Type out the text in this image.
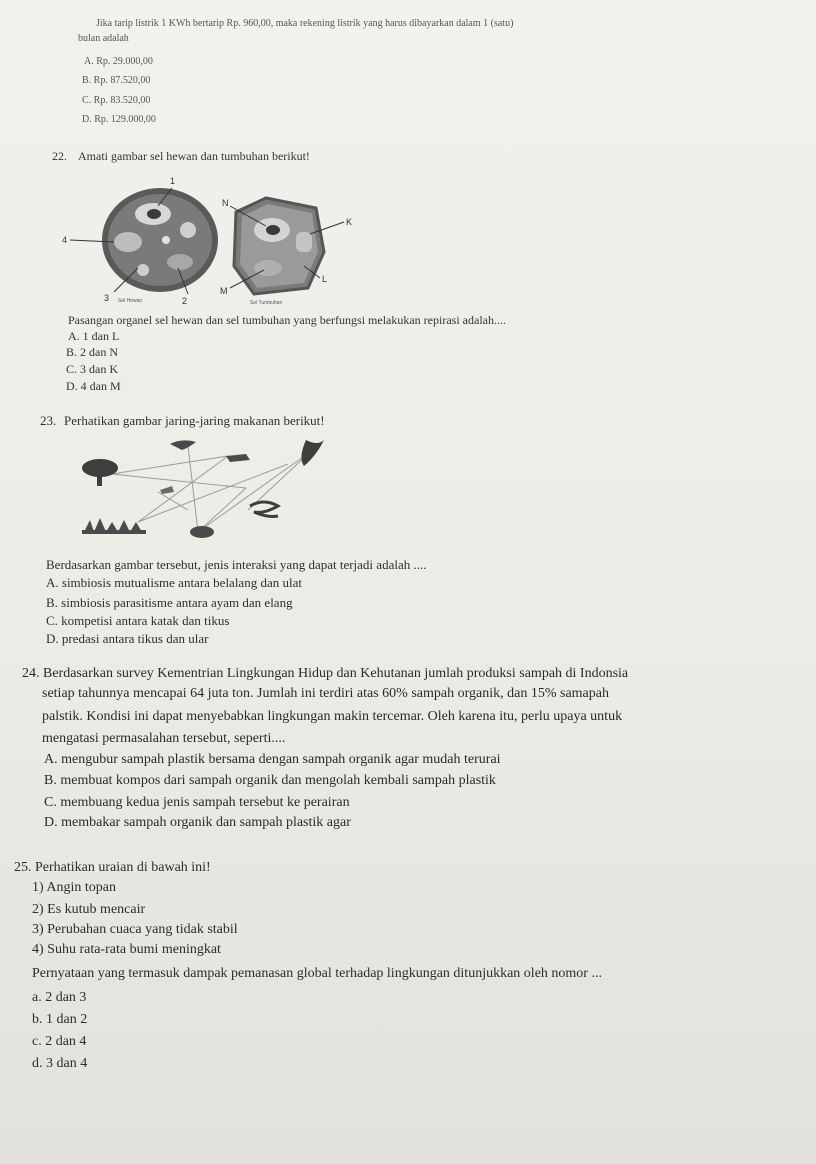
Jika tarip listrik 1 KWh bertarip Rp. 960,00, maka rekening listrik yang harus dibayarkan dalam 1 (satu)
bulan adalah
A. Rp. 29.000,00
B. Rp. 87.520,00
C. Rp. 83.520,00
D. Rp. 129.000,00
22. Amati gambar sel hewan dan tumbuhan berikut!
1
4
3	2
Sel Hewan
N
K
L
M
Sel Tumbuhan
Pasangan organel sel hewan dan sel tumbuhan yang berfungsi melakukan repirasi adalah....
A. 1 dan L
B. 2 dan N
C. 3 dan K
D. 4 dan M
23. Perhatikan gambar jaring-jaring makanan berikut!
Berdasarkan gambar tersebut, jenis interaksi yang dapat terjadi adalah ....
A. simbiosis mutualisme antara belalang dan ulat
B. simbiosis parasitisme antara ayam dan elang
C. kompetisi antara katak dan tikus
D. predasi antara tikus dan ular
24. Berdasarkan survey Kementrian Lingkungan Hidup dan Kehutanan jumlah produksi sampah di Indonsia
setiap tahunnya mencapai 64 juta ton. Jumlah ini terdiri atas 60% sampah organik, dan 15% samapah
palstik. Kondisi ini dapat menyebabkan lingkungan makin tercemar. Oleh karena itu, perlu upaya untuk
mengatasi permasalahan tersebut, seperti....
A. mengubur sampah plastik bersama dengan sampah organik agar mudah terurai
B. membuat kompos dari sampah organik dan mengolah kembali sampah plastik
C. membuang kedua jenis sampah tersebut ke perairan
D. membakar sampah organik dan sampah plastik agar
25. Perhatikan uraian di bawah ini!
1) Angin topan
2) Es kutub mencair
3) Perubahan cuaca yang tidak stabil
4) Suhu rata-rata bumi meningkat
Pernyataan yang termasuk dampak pemanasan global terhadap lingkungan ditunjukkan oleh nomor ...
a. 2 dan 3
b. 1 dan 2
c. 2 dan 4
d. 3 dan 4
